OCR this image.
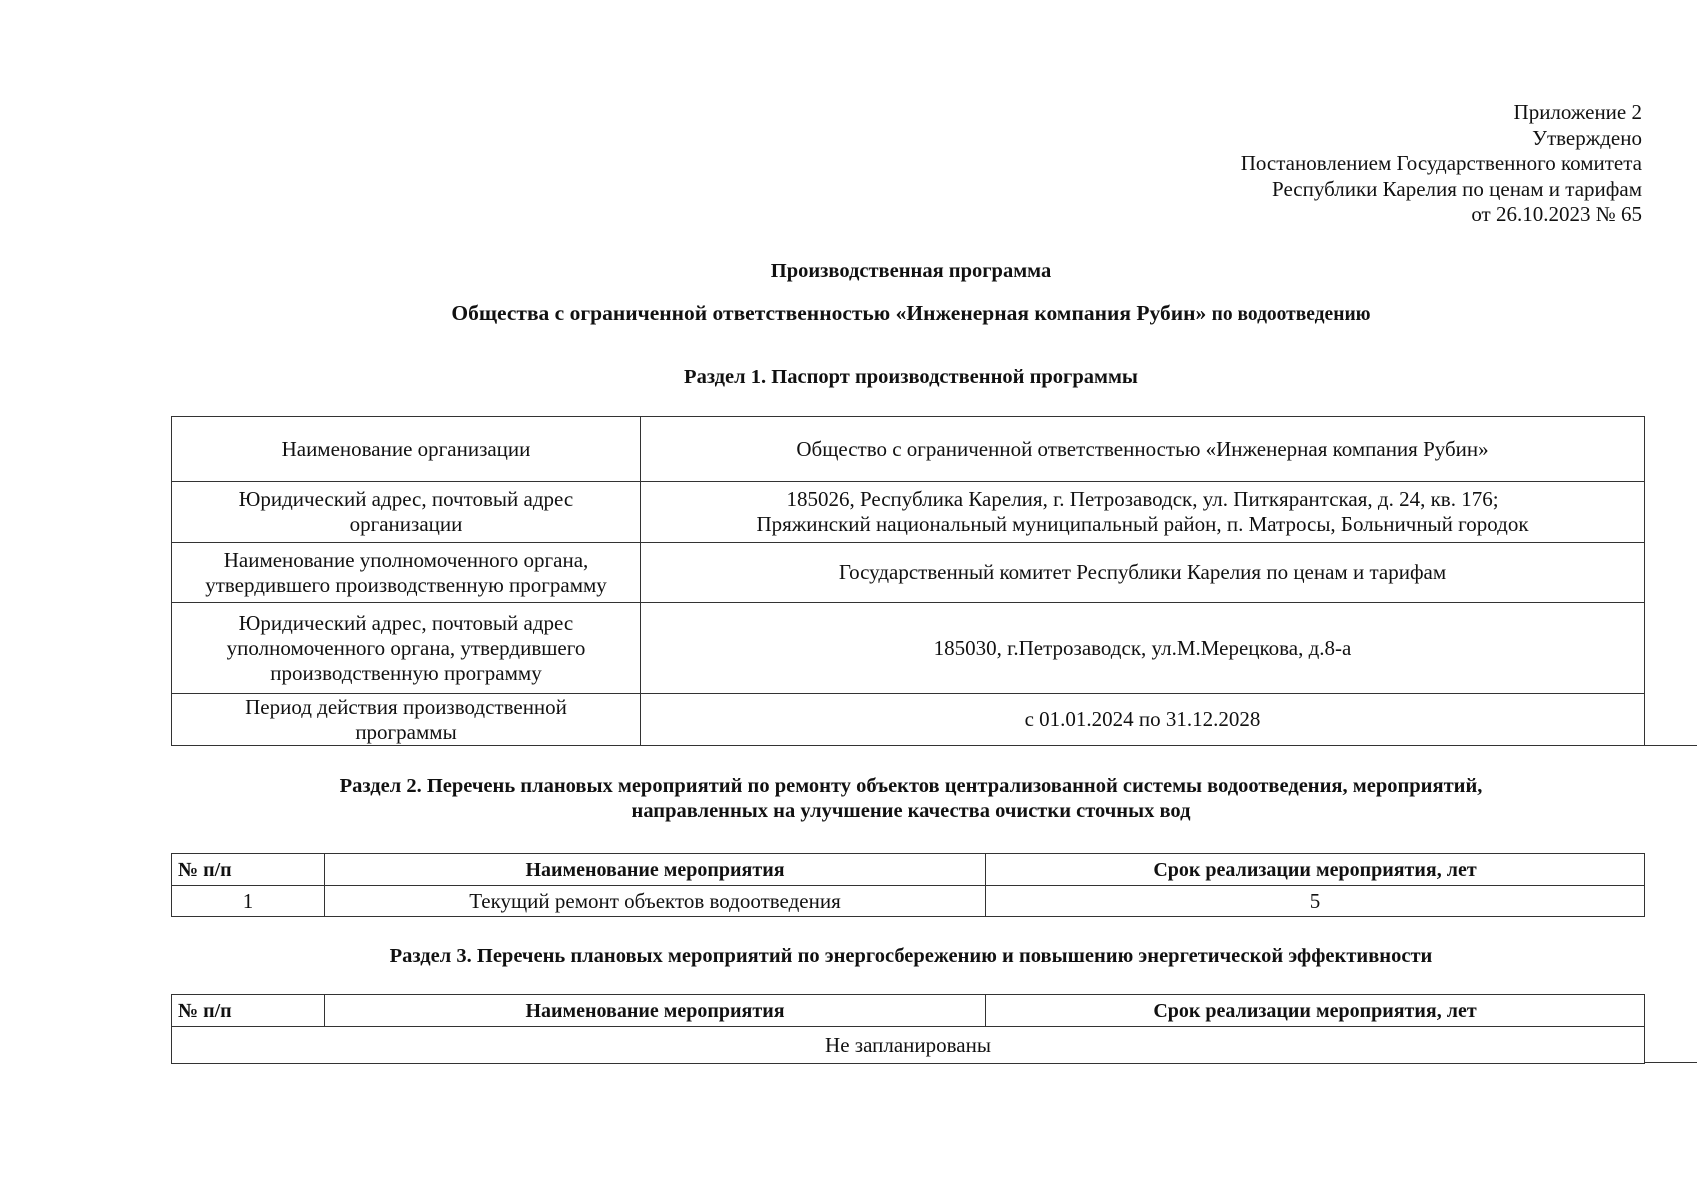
Приложение 2
Утверждено
Постановлением Государственного комитета
Республики Карелия по ценам и тарифам
от 26.10.2023 № 65
Производственная программа
Общества с ограниченной ответственностью «Инженерная компания Рубин» по водоотведению
Раздел 1. Паспорт производственной программы
Наименование организации	Общество с ограниченной ответственностью «Инженерная компания Рубин»
Юридический адрес, почтовый адрес
организации	185026, Республика Карелия, г. Петрозаводск, ул. Питкярантская, д. 24, кв. 176;
Пряжинский национальный муниципальный район, п. Матросы, Больничный городок
Наименование уполномоченного органа,
утвердившего производственную программу	Государственный комитет Республики Карелия по ценам и тарифам
Юридический адрес, почтовый адрес
уполномоченного органа, утвердившего
производственную программу	185030, г.Петрозаводск, ул.М.Мерецкова, д.8-а
Период действия производственной
программы	с 01.01.2024 по 31.12.2028
Раздел 2. Перечень плановых мероприятий по ремонту объектов централизованной системы водоотведения, мероприятий,
направленных на улучшение качества очистки сточных вод
№ п/п	Наименование мероприятия	Срок реализации мероприятия, лет
1	Текущий ремонт объектов водоотведения	5
Раздел 3. Перечень плановых мероприятий по энергосбережению и повышению энергетической эффективности
№ п/п	Наименование мероприятия	Срок реализации мероприятия, лет
Не запланированы
